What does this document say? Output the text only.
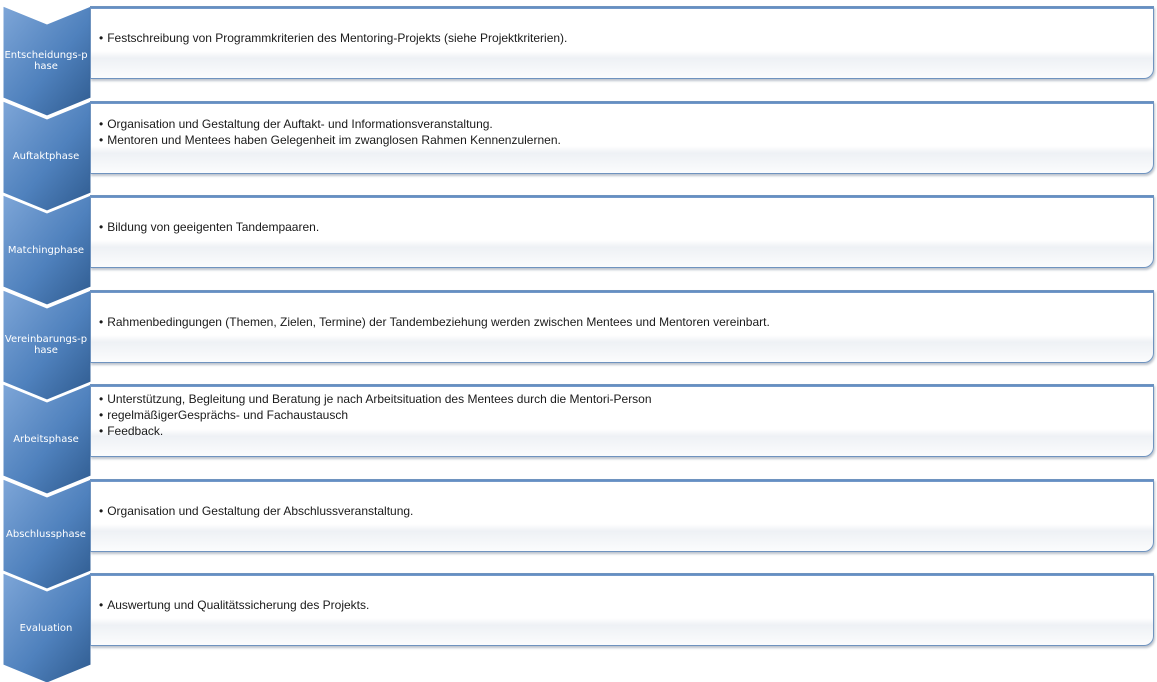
Entscheidungs-phase
• Festschreibung von Programmkriterien des Mentoring-Projekts (siehe Projektkriterien).
Auftaktphase
• Organisation und Gestaltung der Auftakt- und Informationsveranstaltung.
• Mentoren und Mentees haben Gelegenheit im zwanglosen Rahmen Kennenzulernen.
Matchingphase
• Bildung von geeigenten Tandempaaren.
Vereinbarungs-phase
• Rahmenbedingungen (Themen, Zielen, Termine) der Tandembeziehung werden zwischen Mentees und Mentoren vereinbart.
Arbeitsphase
• Unterstützung, Begleitung und Beratung je nach Arbeitsituation des Mentees durch die Mentori-Person
• regelmäßigerGesprächs- und Fachaustausch
• Feedback.
Abschlussphase
• Organisation und Gestaltung der Abschlussveranstaltung.
Evaluation
• Auswertung und Qualitätssicherung des Projekts.
